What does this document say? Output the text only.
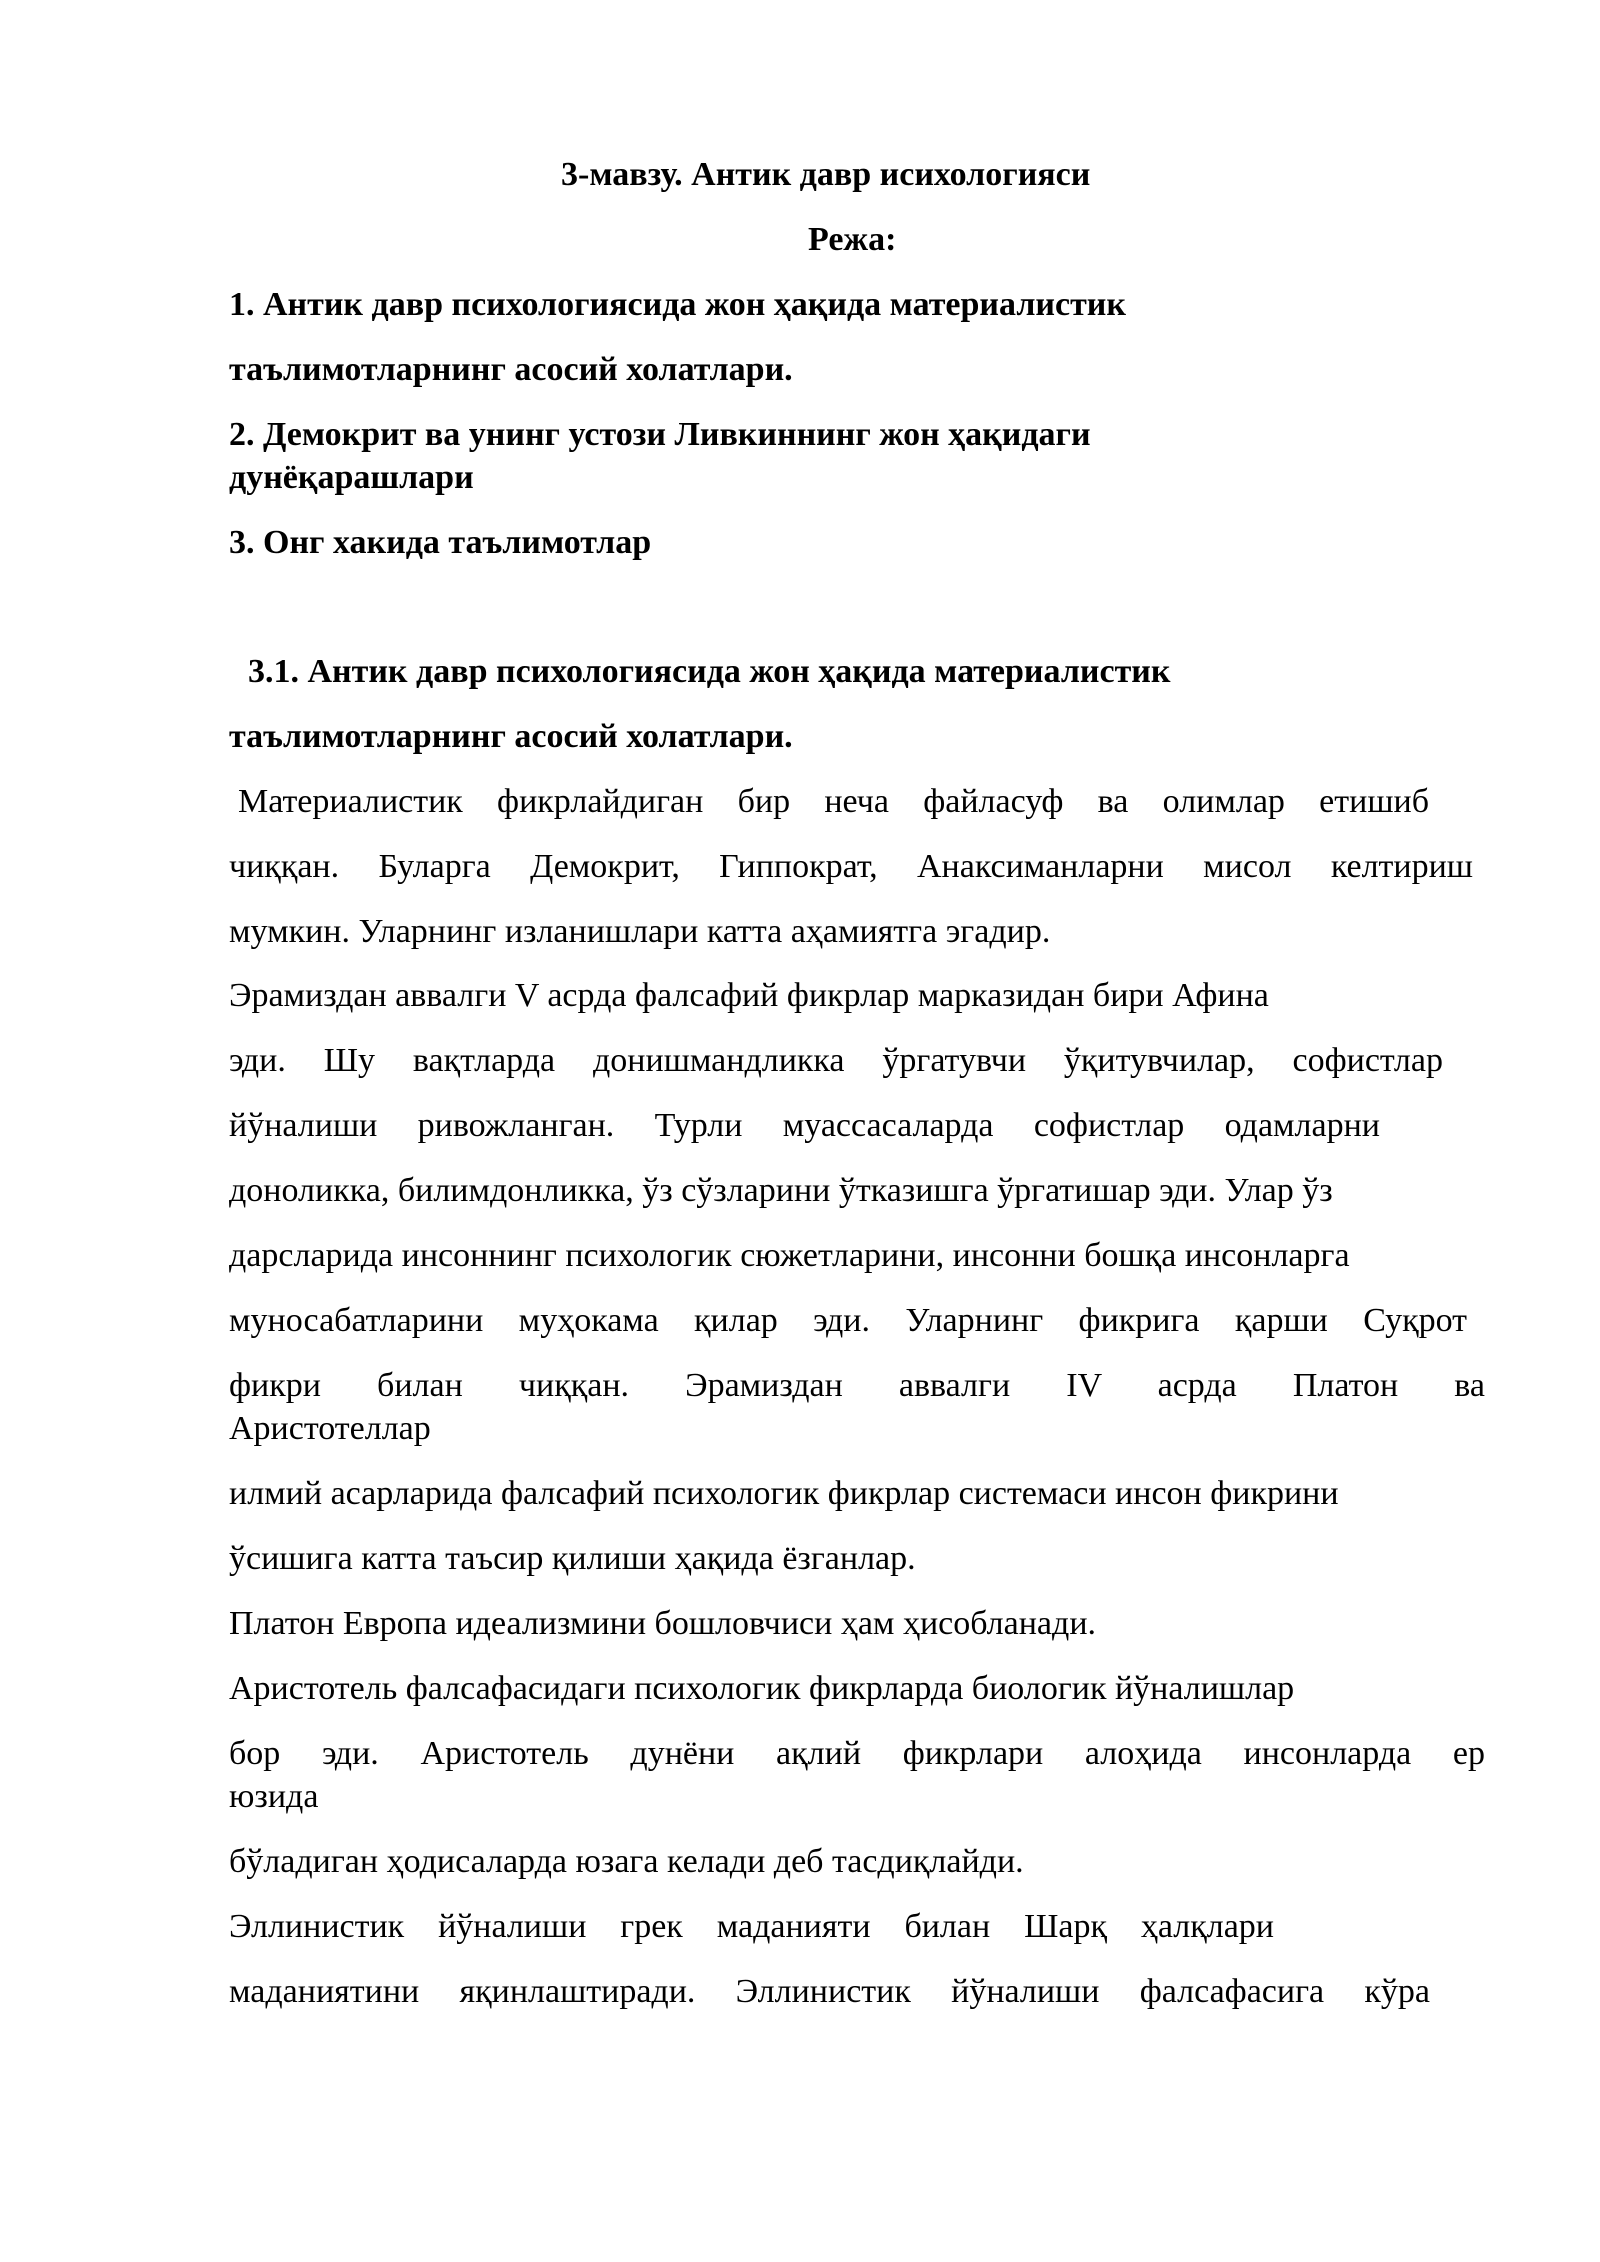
3-мавзу. Антик давр исихологияси

Режа:

1. Антик давр психологиясида жон ҳақида материалистик

таълимотларнинг асосий холатлари.

2. Демокрит ва унинг устози Ливкиннинг жон ҳақидаги

дунёқарашлари

3. Онг хакида таълимотлар

3.1. Антик давр психологиясида жон ҳақида материалистик

таълимотларнинг асосий холатлари.

Материалистик фикрлайдиган бир неча файласуф ва олимлар етишиб

чиққан. Буларга Демокрит, Гиппократ, Анаксиманларни мисол келтириш

мумкин. Уларнинг изланишлари катта аҳамиятга эгадир.

Эрамиздан аввалги V асрда фалсафий фикрлар марказидан бири Афина

эди. Шу вақтларда донишмандликка ўргатувчи ўқитувчилар, софистлар

йўналиши ривожланган. Турли муассасаларда софистлар одамларни

доноликка, билимдонликка, ўз сўзларини ўтказишга ўргатишар эди. Улар ўз

дарсларида инсоннинг психологик сюжетларини, инсонни бошқа инсонларга

муносабатларини муҳокама қилар эди. Уларнинг фикрига қарши Суқрот

фикри билан чиққан. Эрамиздан аввалги IV асрда Платон ва

Аристотеллар

илмий асарларида фалсафий психологик фикрлар системаси инсон фикрини

ўсишига катта таъсир қилиши ҳақида ёзганлар.

Платон Европа идеализмини бошловчиси ҳам ҳисобланади.

Аристотель фалсафасидаги психологик фикрларда биологик йўналишлар

бор эди. Аристотель дунёни ақлий фикрлари алоҳида инсонларда ер

юзида

бўладиган ҳодисаларда юзага келади деб тасдиқлайди.

Эллинистик йўналиши грек маданияти билан Шарқ ҳалқлари

маданиятини яқинлаштиради. Эллинистик йўналиши фалсафасига кўра
